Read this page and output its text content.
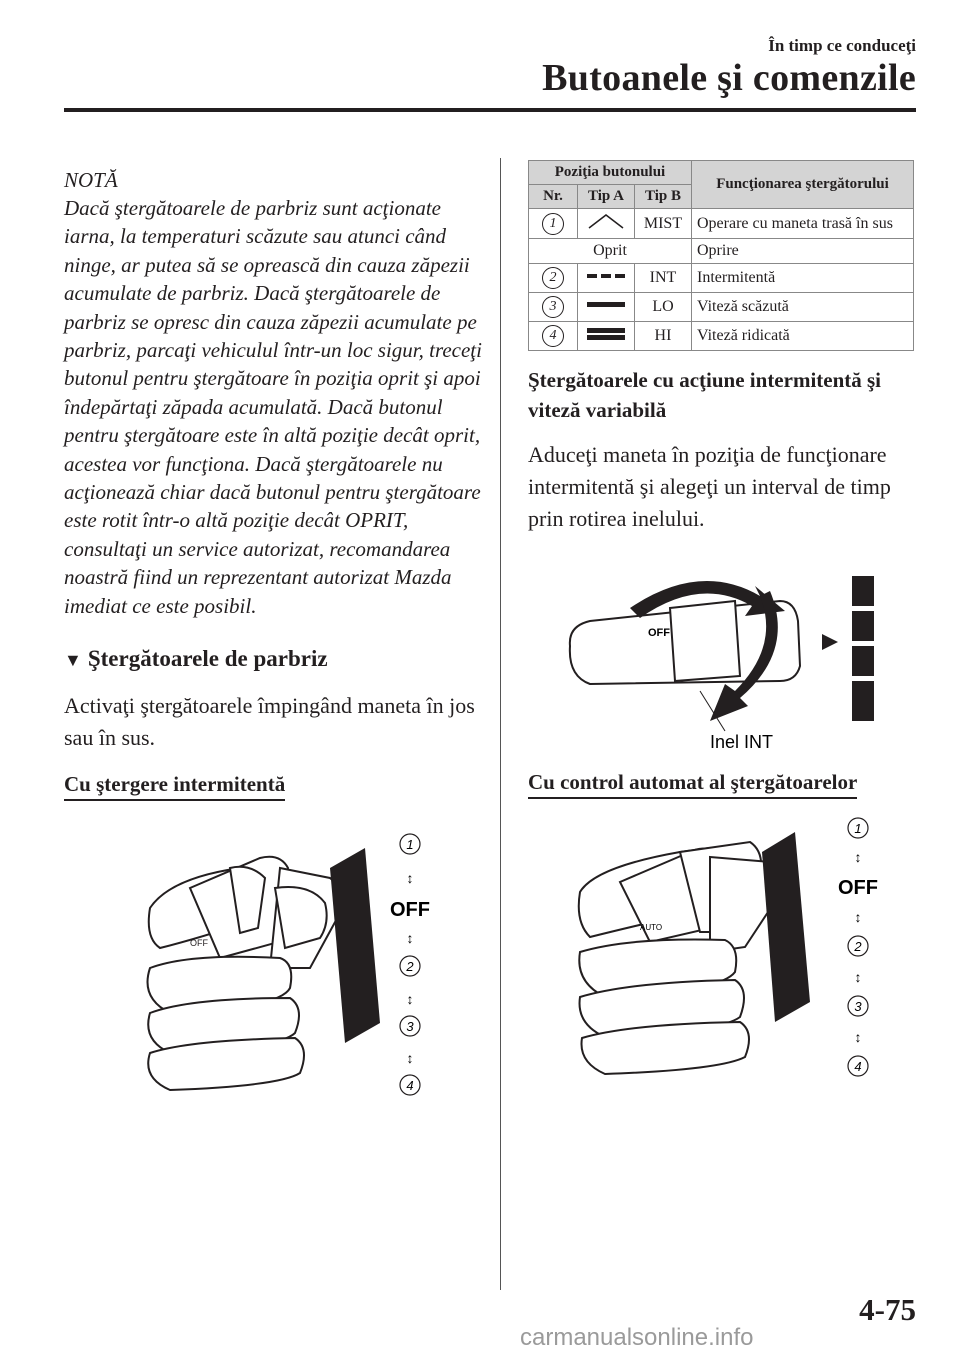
În timp ce conduceţi
Butoanele şi comenzile

NOTĂ

Dacă ştergătoarele de parbriz sunt acţionate iarna, la temperaturi scăzute sau atunci când ninge, ar putea să se oprească din cauza zăpezii acumulate de parbriz. Dacă ştergătoarele de parbriz se opresc din cauza zăpezii acumulate pe parbriz, parcaţi vehiculul într-un loc sigur, treceţi butonul pentru ştergătoare în poziţia oprit şi apoi îndepărtaţi zăpada acumulată. Dacă butonul pentru ştergătoare este în altă poziţie decât oprit, acestea vor funcţiona. Dacă ştergătoarele nu acţionează chiar dacă butonul pentru ştergătoare este rotit într-o altă poziţie decât OPRIT, consultaţi un service autorizat, recomandarea noastră fiind un reprezentant autorizat Mazda imediat ce este posibil.

▼ Ştergătoarele de parbriz

Activaţi ştergătoarele împingând maneta în jos sau în sus.

Cu ştergere intermitentă
OFF
1
↕
OFF
↕
2
↕
3
↕
4
Poziţia butonului			Funcţionarea ştergătorului
Nr.	Tip A	Tip B	
1		MIST	Operare cu maneta trasă în sus
Oprit			Oprire
2		INT	Intermitentă
3		LO	Viteză scăzută
4		HI	Viteză ridicată

Ştergătoarele cu acţiune intermitentă şi viteză variabilă

Aduceţi maneta în poziţia de funcţionare intermitentă şi alegeţi un interval de timp prin rotirea inelului.

OFF
Inel INT
Cu control automat al ştergătoarelor
AUTO
1
↕
OFF
↕
2
↕
3
↕
4
4-75
carmanualsonline.info
